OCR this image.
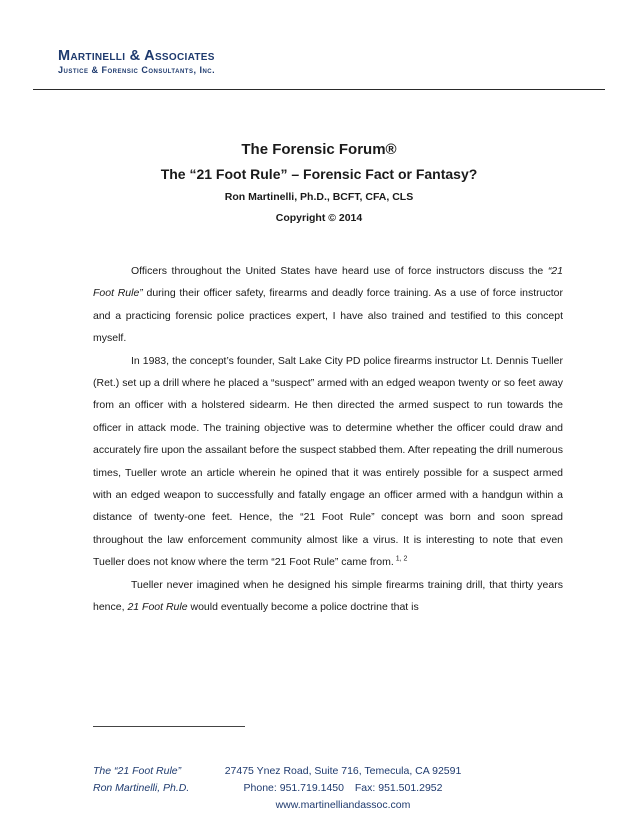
Martinelli & Associates
Justice & Forensic Consultants, Inc.
The Forensic Forum®
The “21 Foot Rule” – Forensic Fact or Fantasy?
Ron Martinelli, Ph.D., BCFT, CFA, CLS
Copyright © 2014

Officers throughout the United States have heard use of force instructors discuss the “21 Foot Rule” during their officer safety, firearms and deadly force training. As a use of force instructor and a practicing forensic police practices expert, I have also trained and testified to this concept myself.

In 1983, the concept’s founder, Salt Lake City PD police firearms instructor Lt. Dennis Tueller (Ret.) set up a drill where he placed a “suspect” armed with an edged weapon twenty or so feet away from an officer with a holstered sidearm. He then directed the armed suspect to run towards the officer in attack mode. The training objective was to determine whether the officer could draw and accurately fire upon the assailant before the suspect stabbed them. After repeating the drill numerous times, Tueller wrote an article wherein he opined that it was entirely possible for a suspect armed with an edged weapon to successfully and fatally engage an officer armed with a handgun within a distance of twenty-one feet. Hence, the “21 Foot Rule” concept was born and soon spread throughout the law enforcement community almost like a virus. It is interesting to note that even Tueller does not know where the term “21 Foot Rule” came from. $^{1, 2}$

Tueller never imagined when he designed his simple firearms training drill, that thirty years hence, 21 Foot Rule would eventually become a police doctrine that is

The “21 Foot Rule”
Ron Martinelli, Ph.D.
27475 Ynez Road, Suite 716, Temecula, CA 92591
Phone: 951.719.1450 Fax: 951.501.2952
www.martinelliandassoc.com
